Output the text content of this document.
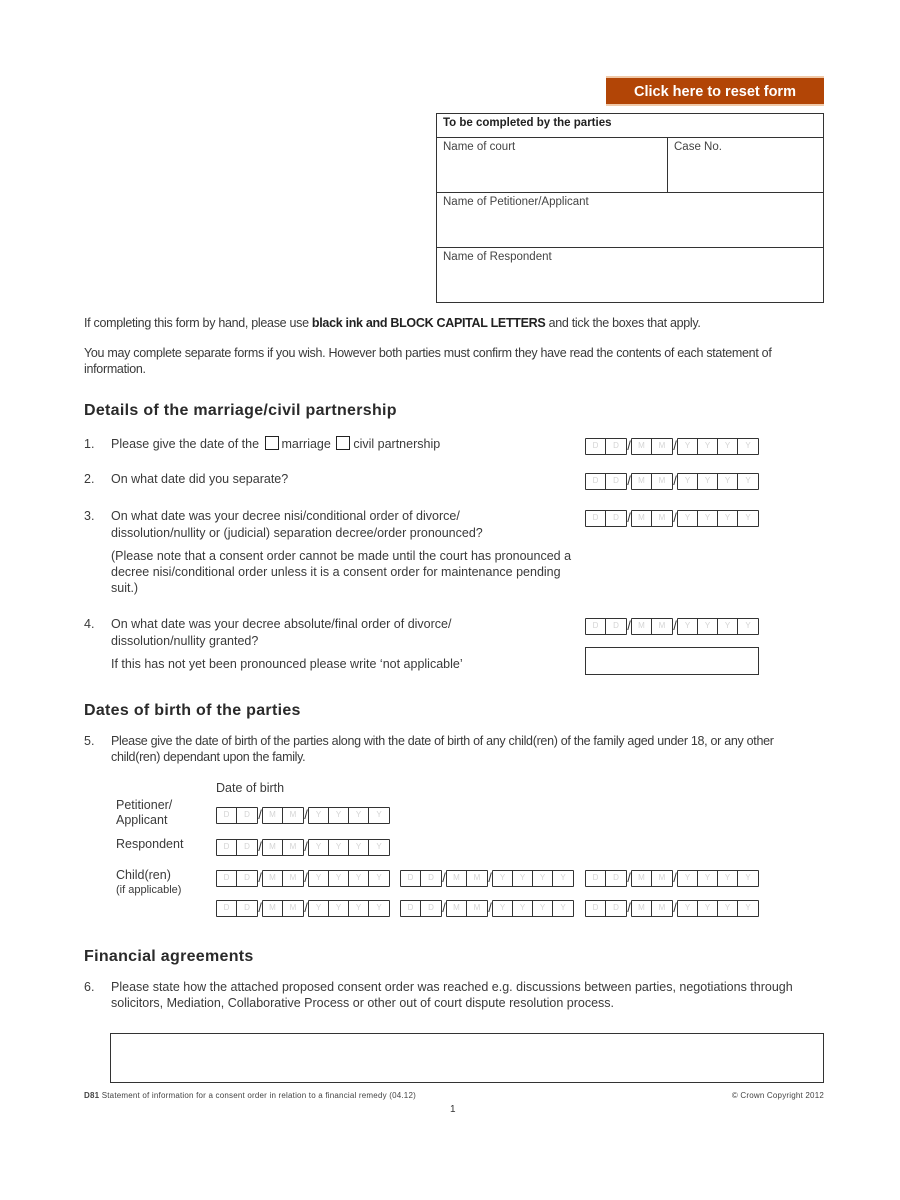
Click here to reset form
To be completed by the parties
Name of court	Case No.
Name of Petitioner/Applicant
Name of Respondent
If completing this form by hand, please use black ink and BLOCK CAPITAL LETTERS and tick the boxes that apply.
You may complete separate forms if you wish. However both parties must confirm they have read the contents of each statement of information.
Details of the marriage/civil partnership
1. Please give the date of the marriage civil partnership	D	D / M	M /	Y	Y	Y	Y
2. On what date did you separate?	D	D / M	M /	Y	Y	Y	Y
3. On what date was your decree nisi/conditional order of divorce/
dissolution/nullity or (judicial) separation decree/order pronounced?
(Please note that a consent order cannot be made until the court has pronounced a decree nisi/conditional order unless it is a consent order for maintenance pending suit.)
D	D / M	M /	Y	Y	Y	Y
4. On what date was your decree absolute/final order of divorce/
dissolution/nullity granted?
If this has not yet been pronounced please write ‘not applicable’
D	D / M	M /	Y	Y	Y	Y
Dates of birth of the parties
5. Please give the date of birth of the parties along with the date of birth of any child(ren) of the family aged under 18, or any other child(ren) dependant upon the family.
Date of birth
Petitioner/ Applicant	D	D / M	M /	Y	Y	Y	Y
Respondent	D	D / M	M /	Y	Y	Y	Y
Child(ren)
(if applicable)
D	D / M	M /	Y	Y	Y	Y	D	D / M	M /	Y	Y	Y	Y	D	D / M	M /	Y	Y	Y	Y
D	D / M	M /	Y	Y	Y	Y	D	D / M	M /	Y	Y	Y	Y	D	D / M	M /	Y	Y	Y	Y
Financial agreements
6. Please state how the attached proposed consent order was reached e.g. discussions between parties, negotiations through solicitors, Mediation, Collaborative Process or other out of court dispute resolution process.
D81 Statement of information for a consent order in relation to a financial remedy (04.12)	© Crown Copyright 2012
1
